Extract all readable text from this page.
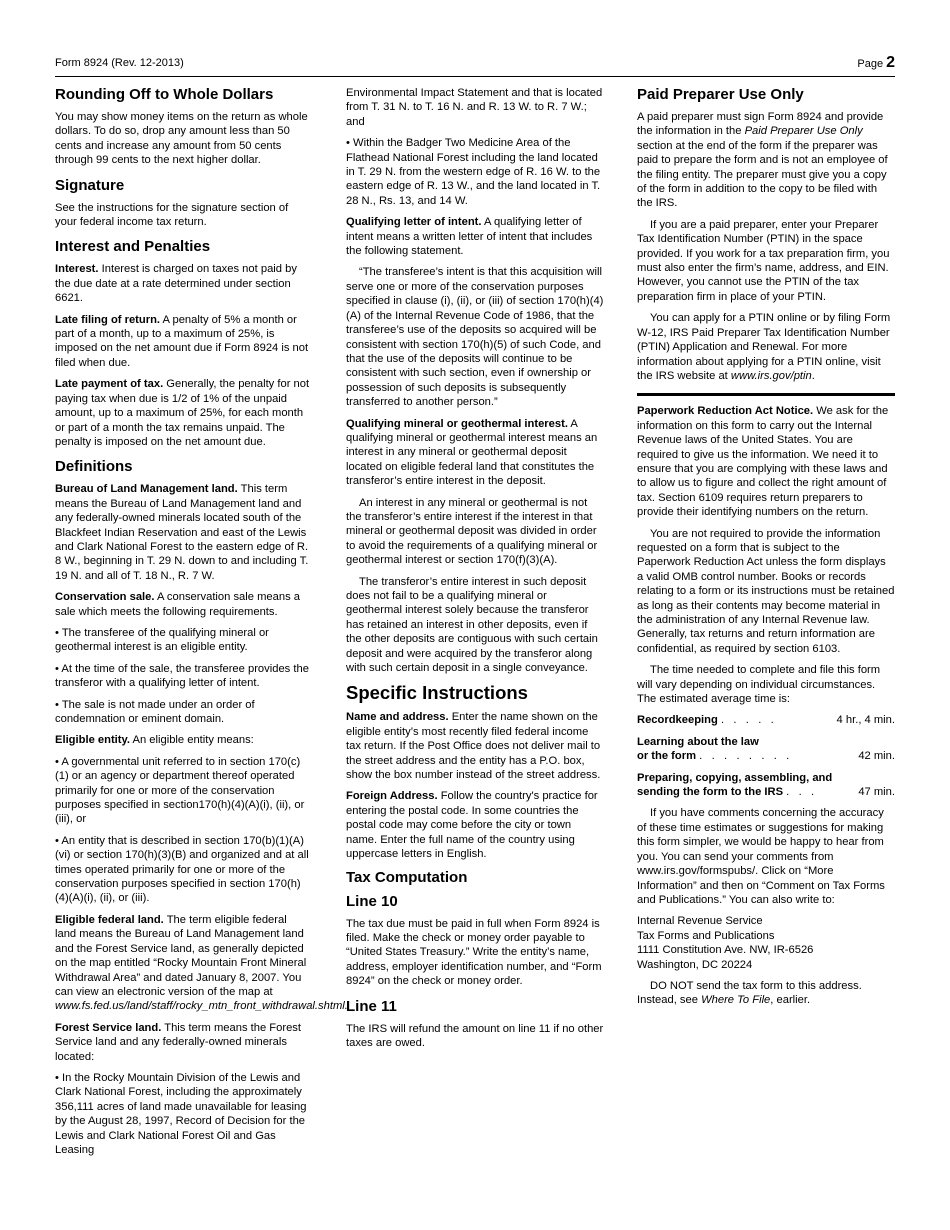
Form 8924 (Rev. 12-2013)	Page 2
Rounding Off to Whole Dollars

You may show money items on the return as whole dollars. To do so, drop any amount less than 50 cents and increase any amount from 50 cents through 99 cents to the next higher dollar.

Signature

See the instructions for the signature section of your federal income tax return.

Interest and Penalties

Interest. Interest is charged on taxes not paid by the due date at a rate determined under section 6621.

Late filing of return. A penalty of 5% a month or part of a month, up to a maximum of 25%, is imposed on the net amount due if Form 8924 is not filed when due.

Late payment of tax. Generally, the penalty for not paying tax when due is 1/2 of 1% of the unpaid amount, up to a maximum of 25%, for each month or part of a month the tax remains unpaid. The penalty is imposed on the net amount due.

Definitions

Bureau of Land Management land. This term means the Bureau of Land Management land and any federally-owned minerals located south of the Blackfeet Indian Reservation and east of the Lewis and Clark National Forest to the eastern edge of R. 8 W., beginning in T. 29 N. down to and including T. 19 N. and all of T. 18 N., R. 7 W.

Conservation sale. A conservation sale means a sale which meets the following requirements.

• The transferee of the qualifying mineral or geothermal interest is an eligible entity.

• At the time of the sale, the transferee provides the transferor with a qualifying letter of intent.

• The sale is not made under an order of condemnation or eminent domain.

Eligible entity. An eligible entity means:

• A governmental unit referred to in section 170(c)(1) or an agency or department thereof operated primarily for one or more of the conservation purposes specified in section170(h)(4)(A)(i), (ii), or (iii), or

• An entity that is described in section 170(b)(1)(A)(vi) or section 170(h)(3)(B) and organized and at all times operated primarily for one or more of the conservation purposes specified in section 170(h)(4)(A)(i), (ii), or (iii).

Eligible federal land. The term eligible federal land means the Bureau of Land Management land and the Forest Service land, as generally depicted on the map entitled “Rocky Mountain Front Mineral Withdrawal Area” and dated January 8, 2007. You can view an electronic version of the map at www.fs.fed.us/land/staff/rocky_mtn_front_withdrawal.shtml.

Forest Service land. This term means the Forest Service land and any federally-owned minerals located:

• In the Rocky Mountain Division of the Lewis and Clark National Forest, including the approximately 356,111 acres of land made unavailable for leasing by the August 28, 1997, Record of Decision for the Lewis and Clark National Forest Oil and Gas Leasing

Environmental Impact Statement and that is located from T. 31 N. to T. 16 N. and R. 13 W. to R. 7 W.; and

• Within the Badger Two Medicine Area of the Flathead National Forest including the land located in T. 29 N. from the western edge of R. 16 W. to the eastern edge of R. 13 W., and the land located in T. 28 N., Rs. 13, and 14 W.

Qualifying letter of intent. A qualifying letter of intent means a written letter of intent that includes the following statement.

“The transferee’s intent is that this acquisition will serve one or more of the conservation purposes specified in clause (i), (ii), or (iii) of section 170(h)(4)(A) of the Internal Revenue Code of 1986, that the transferee’s use of the deposits so acquired will be consistent with section 170(h)(5) of such Code, and that the use of the deposits will continue to be consistent with such section, even if ownership or possession of such deposits is subsequently transferred to another person.”

Qualifying mineral or geothermal interest. A qualifying mineral or geothermal interest means an interest in any mineral or geothermal deposit located on eligible federal land that constitutes the transferor’s entire interest in the deposit.

An interest in any mineral or geothermal is not the transferor’s entire interest if the interest in that mineral or geothermal deposit was divided in order to avoid the requirements of a qualifying mineral or geothermal interest or section 170(f)(3)(A).

The transferor’s entire interest in such deposit does not fail to be a qualifying mineral or geothermal interest solely because the transferor has retained an interest in other deposits, even if the other deposits are contiguous with such certain deposit and were acquired by the transferor along with such certain deposit in a single conveyance.

Specific Instructions

Name and address. Enter the name shown on the eligible entity’s most recently filed federal income tax return. If the Post Office does not deliver mail to the street address and the entity has a P.O. box, show the box number instead of the street address.

Foreign Address. Follow the country's practice for entering the postal code. In some countries the postal code may come before the city or town name. Enter the full name of the country using uppercase letters in English.

Tax Computation
Line 10

The tax due must be paid in full when Form 8924 is filed. Make the check or money order payable to “United States Treasury.” Write the entity’s name, address, employer identification number, and “Form 8924” on the check or money order.

Line 11

The IRS will refund the amount on line 11 if no other taxes are owed.

Paid Preparer Use Only

A paid preparer must sign Form 8924 and provide the information in the Paid Preparer Use Only section at the end of the form if the preparer was paid to prepare the form and is not an employee of the filing entity. The preparer must give you a copy of the form in addition to the copy to be filed with the IRS.

If you are a paid preparer, enter your Preparer Tax Identification Number (PTIN) in the space provided. If you work for a tax preparation firm, you must also enter the firm’s name, address, and EIN. However, you cannot use the PTIN of the tax preparation firm in place of your PTIN.

You can apply for a PTIN online or by filing Form W-12, IRS Paid Preparer Tax Identification Number (PTIN) Application and Renewal. For more information about applying for a PTIN online, visit the IRS website at www.irs.gov/ptin.

Paperwork Reduction Act Notice. We ask for the information on this form to carry out the Internal Revenue laws of the United States. You are required to give us the information. We need it to ensure that you are complying with these laws and to allow us to figure and collect the right amount of tax. Section 6109 requires return preparers to provide their identifying numbers on the return.

You are not required to provide the information requested on a form that is subject to the Paperwork Reduction Act unless the form displays a valid OMB control number. Books or records relating to a form or its instructions must be retained as long as their contents may become material in the administration of any Internal Revenue law. Generally, tax returns and return information are confidential, as required by section 6103.

The time needed to complete and file this form will vary depending on individual circumstances. The estimated average time is:

Recordkeeping .   .   .   .   .	4 hr., 4 min.
Learning about the law
or the form .   .   .   .   .   .   .   .	42 min.
Preparing, copying, assembling, and
sending the form to the IRS .   .   .	47 min.

If you have comments concerning the accuracy of these time estimates or suggestions for making this form simpler, we would be happy to hear from you. You can send your comments from www.irs.gov/formspubs/. Click on “More Information” and then on “Comment on Tax Forms and Publications.” You can also write to:

Internal Revenue Service
Tax Forms and Publications
1111 Constitution Ave. NW, IR-6526
Washington, DC 20224

DO NOT send the tax form to this address. Instead, see Where To File, earlier.
